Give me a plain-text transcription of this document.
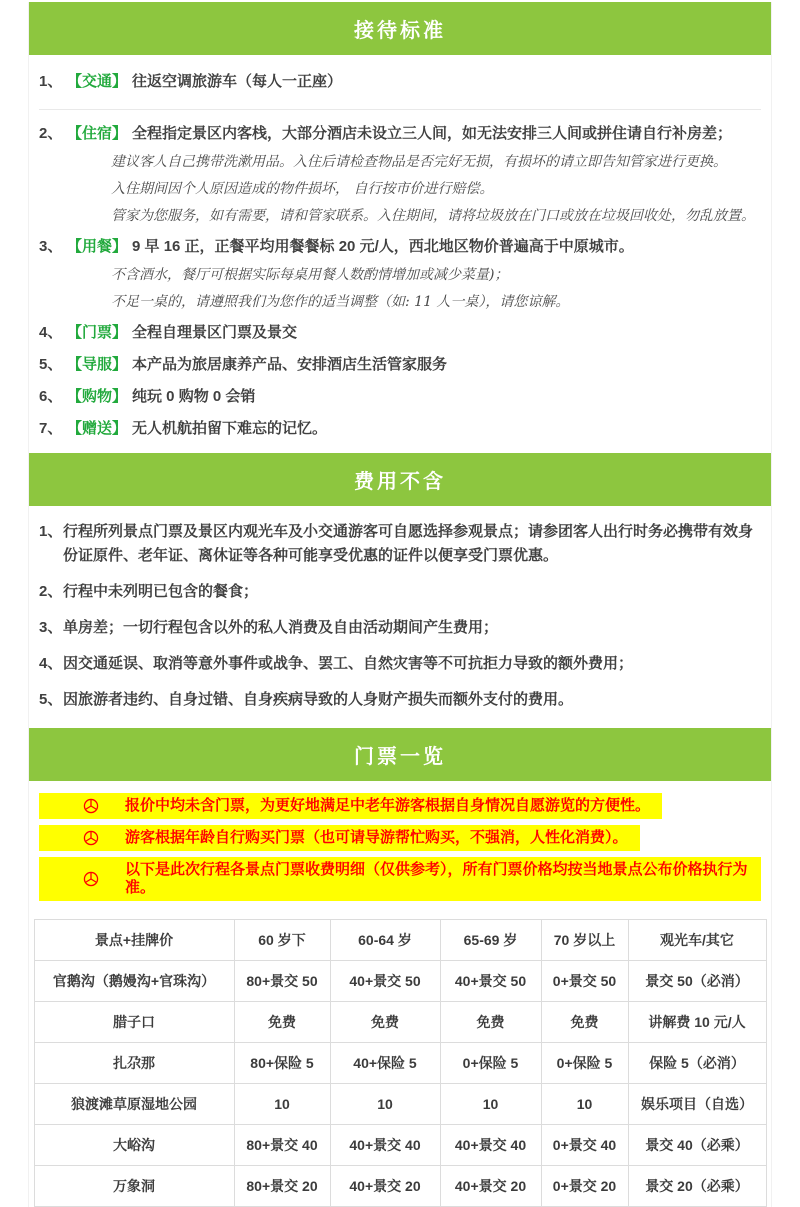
接待标准
1、 【交通】 往返空调旅游车（每人一正座）
2、 【住宿】 全程指定景区内客栈，大部分酒店未设立三人间，如无法安排三人间或拼住请自行补房差；
建议客人自己携带洗漱用品。入住后请检查物品是否完好无损，有损坏的请立即告知管家进行更换。
入住期间因个人原因造成的物件损坏， 自行按市价进行赔偿。
管家为您服务，如有需要，请和管家联系。入住期间，请将垃圾放在门口或放在垃圾回收处，勿乱放置。
3、 【用餐】 9 早 16 正，正餐平均用餐餐标 20 元/人，西北地区物价普遍高于中原城市。
不含酒水，餐厅可根据实际每桌用餐人数酌情增加或减少菜量)；
不足一桌的，请遵照我们为您作的适当调整（如: 11 人一桌），请您谅解。
4、 【门票】 全程自理景区门票及景交
5、 【导服】 本产品为旅居康养产品、安排酒店生活管家服务
6、 【购物】 纯玩 0 购物 0 会销
7、 【赠送】 无人机航拍留下难忘的记忆。
费用不含
1、 行程所列景点门票及景区内观光车及小交通游客可自愿选择参观景点；请参团客人出行时务必携带有效身份证原件、老年证、离休证等各种可能享受优惠的证件以便享受门票优惠。
2、 行程中未列明已包含的餐食；
3、 单房差；一切行程包含以外的私人消费及自由活动期间产生费用；
4、 因交通延误、取消等意外事件或战争、罢工、自然灾害等不可抗拒力导致的额外费用；
5、 因旅游者违约、自身过错、自身疾病导致的人身财产损失而额外支付的费用。
门票一览
报价中均未含门票，为更好地满足中老年游客根据自身情况自愿游览的方便性。
游客根据年龄自行购买门票（也可请导游帮忙购买，不强消，人性化消费）。
以下是此次行程各景点门票收费明细（仅供参考），所有门票价格均按当地景点公布价格执行为准。
景点+挂牌价	60 岁下	60-64 岁	65-69 岁	70 岁以上	观光车/其它
官鹅沟（鹅嫚沟+官珠沟）	80+景交 50	40+景交 50	40+景交 50	0+景交 50	景交 50（必消）
腊子口	免费	免费	免费	免费	讲解费 10 元/人
扎尕那	80+保险 5	40+保险 5	0+保险 5	0+保险 5	保险 5（必消）
狼渡滩草原湿地公园	10	10	10	10	娱乐项目（自选）
大峪沟	80+景交 40	40+景交 40	40+景交 40	0+景交 40	景交 40（必乘）
万象洞	80+景交 20	40+景交 20	40+景交 20	0+景交 20	景交 20（必乘）
